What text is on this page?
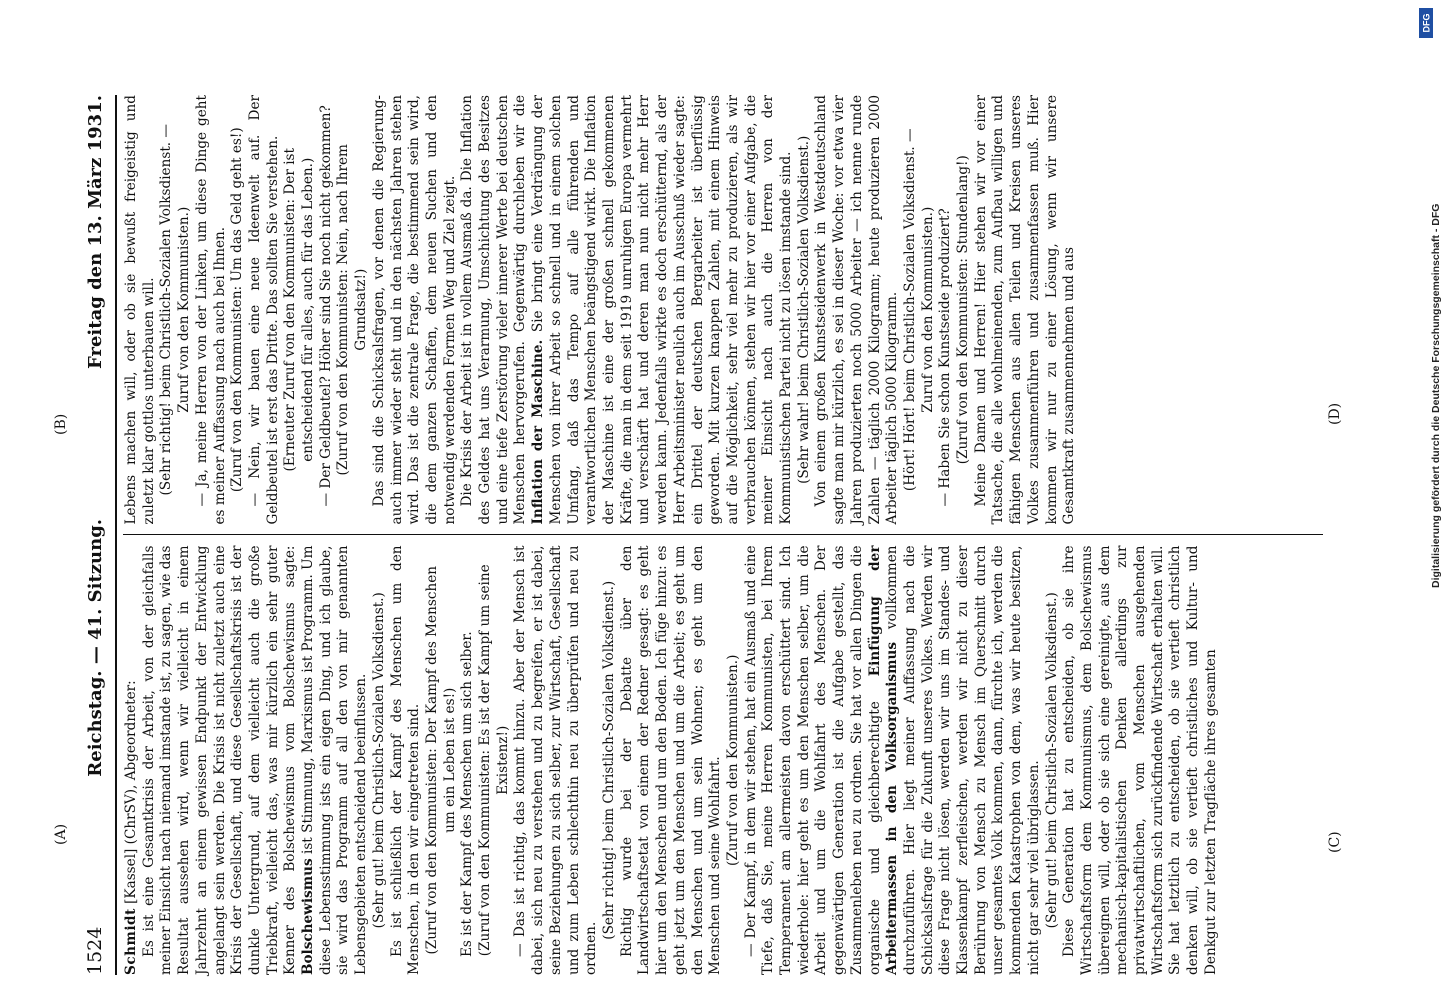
1524
Reichstag. — 41. Sitzung.
Freitag den 13. März 1931.

Schmidt [Kassel] (ChrSV), Abgeordneter: Es ist eine Gesamtkrisis der Arbeit, von der gleichfalls meiner Einsicht nach niemand imstande ist, zu sagen, wie das Resultat aussehen wird, wenn wir vielleicht in einem Jahrzehnt an einem gewissen Endpunkt der Entwicklung angelangt sein werden. Die Krisis ist nicht zuletzt auch eine Krisis der Gesellschaft, und diese Gesellschaftskrisis ist der dunkle Untergrund, auf dem vielleicht auch die große Triebkraft, vielleicht das, was mir kürzlich ein sehr guter Kenner des Bolschewismus vom Bolschewismus sagte: Bolschewismus ist Stimmung, Marxismus ist Programm. Um diese Lebensstimmung ists ein eigen Ding, und ich glaube, sie wird das Programm auf all den von mir genannten Lebensgebieten entscheidend beeinflussen. (Sehr gut! beim Christlich-Sozialen Volksdienst.) Es ist schließlich der Kampf des Menschen um den Menschen, in den wir eingetreten sind. (Zuruf von den Kommunisten: Der Kampf des Menschen um ein Leben ist es!) Es ist der Kampf des Menschen um sich selber. (Zuruf von den Kommunisten: Es ist der Kampf um seine Existenz!) — Das ist richtig, das kommt hinzu. Aber der Mensch ist dabei, sich neu zu verstehen und zu begreifen, er ist dabei, seine Beziehungen zu sich selber, zur Wirtschaft, Gesellschaft und zum Leben schlechthin neu zu überprüfen und neu zu ordnen.

(Sehr richtig! beim Christlich-Sozialen Volksdienst.) Richtig wurde bei der Debatte über den Landwirtschaftsetat von einem der Redner gesagt: es geht hier um den Menschen und um den Boden. Ich füge hinzu: es geht jetzt um den Menschen und um die Arbeit; es geht um den Menschen und um sein Wohnen; es geht um den Menschen und seine Wohlfahrt. (Zuruf von den Kommunisten.) — Der Kampf, in dem wir stehen, hat ein Ausmaß und eine Tiefe, daß Sie, meine Herren Kommunisten, bei Ihrem Temperament am allermeisten davon erschüttert sind. Ich wiederhole: hier geht es um den Menschen selber, um die Arbeit und um die Wohlfahrt des Menschen. Der gegenwärtigen Generation ist die Aufgabe gestellt, das Zusammenleben neu zu ordnen. Sie hat vor allen Dingen die organische und gleichberechtigte Einfügung der Arbeitermassen in den Volksorganismus vollkommen durchzuführen. Hier liegt meiner Auffassung nach die Schicksalsfrage für die Zukunft unseres Volkes. Werden wir diese Frage nicht lösen, werden wir uns im Standes- und Klassenkampf zerfleischen, werden wir nicht zu dieser Berührung von Mensch zu Mensch im Querschnitt durch unser gesamtes Volk kommen, dann, fürchte ich, werden die kommenden Katastrophen von dem, was wir heute besitzen, nicht gar sehr viel übriglassen. (Sehr gut! beim Christlich-Sozialen Volksdienst.) Diese Generation hat zu entscheiden, ob sie ihre Wirtschaftsform dem Kommunismus, dem Bolschewismus übereignen will, oder ob sie sich eine gereinigte, aus dem mechanisch-kapitalistischen Denken allerdings zur privatwirtschaftlichen, vom Menschen ausgehenden Wirtschaftsform sich zurückfindende Wirtschaft erhalten will. Sie hat letztlich zu entscheiden, ob sie vertieft christlich denken will, ob sie vertieft christliches und Kultur- und Denkgut zur letzten Tragfläche ihres gesamten

Lebens machen will, oder ob sie bewußt freigeistig und zuletzt klar gottlos unterbauen will. (Sehr richtig! beim Christlich-Sozialen Volksdienst. — Zuruf von den Kommunisten.) — Ja, meine Herren von der Linken, um diese Dinge geht es meiner Auffassung nach auch bei Ihnen. (Zuruf von den Kommunisten: Um das Geld geht es!) — Nein, wir bauen eine neue Ideenwelt auf. Der Geldbeutel ist erst das Dritte. Das sollten Sie verstehen. (Erneuter Zuruf von den Kommunisten: Der ist entscheidend für alles, auch für das Leben.) — Der Geldbeutel? Höher sind Sie noch nicht gekommen? (Zuruf von den Kommunisten: Nein, nach Ihrem Grundsatz!) Das sind die Schicksalsfragen, vor denen die Regierung- auch immer wieder steht und in den nächsten Jahren stehen wird. Das ist die zentrale Frage, die bestimmend sein wird, die dem ganzen Schaffen, dem neuen Suchen und den notwendig werdenden Formen Weg und Ziel zeigt. Die Krisis der Arbeit ist in vollem Ausmaß da. Die Inflation des Geldes hat uns Verarmung, Umschichtung des Besitzes und eine tiefe Zerstörung vieler innerer Werte bei deutschen Menschen hervorgerufen. Gegenwärtig durchleben wir die Inflation der Maschine. Sie bringt eine Verdrängung der Menschen von ihrer Arbeit so schnell und in einem solchen Umfang, daß das Tempo auf alle führenden und verantwortlichen Menschen beängstigend wirkt. Die Inflation der Maschine ist eine der großen schnell gekommenen Kräfte, die man in dem seit 1919 unruhigen Europa vermehrt und verschärft hat und deren man nun nicht mehr Herr werden kann. Jedenfalls wirkte es doch erschütternd, als der Herr Arbeitsminister neulich auch im Ausschuß wieder sagte: ein Drittel der deutschen Bergarbeiter ist überflüssig geworden. Mit kurzen knappen Zahlen, mit einem Hinweis auf die Möglichkeit, sehr viel mehr zu produzieren, als wir verbrauchen können, stehen wir hier vor einer Aufgabe, die meiner Einsicht nach auch die Herren von der Kommunistischen Partei nicht zu lösen imstande sind. (Sehr wahr! beim Christlich-Sozialen Volksdienst.) Von einem großen Kunstseidenwerk in Westdeutschland sagte man mir kürzlich, es sei in dieser Woche: vor etwa vier Jahren produzierten noch 5000 Arbeiter — ich nenne runde Zahlen — täglich 2000 Kilogramm; heute produzieren 2000 Arbeiter täglich 5000 Kilogramm. (Hört! Hört! beim Christlich-Sozialen Volksdienst. — Zuruf von den Kommunisten.) — Haben Sie schon Kunstseide produziert? (Zuruf von den Kommunisten: Stundenlang!) Meine Damen und Herren! Hier stehen wir vor einer Tatsache, die alle wohlmeinenden, zum Aufbau willigen und fähigen Menschen aus allen Teilen und Kreisen unseres Volkes zusammenführen und zusammenfassen muß. Hier kommen wir nur zu einer Lösung, wenn wir unsere Gesamtkraft zusammennehmen und aus

(A)
(B)
(C)
(D)	Digitalisierung gefördert durch die Deutsche Forschungsgemeinschaft - DFG
DFG
